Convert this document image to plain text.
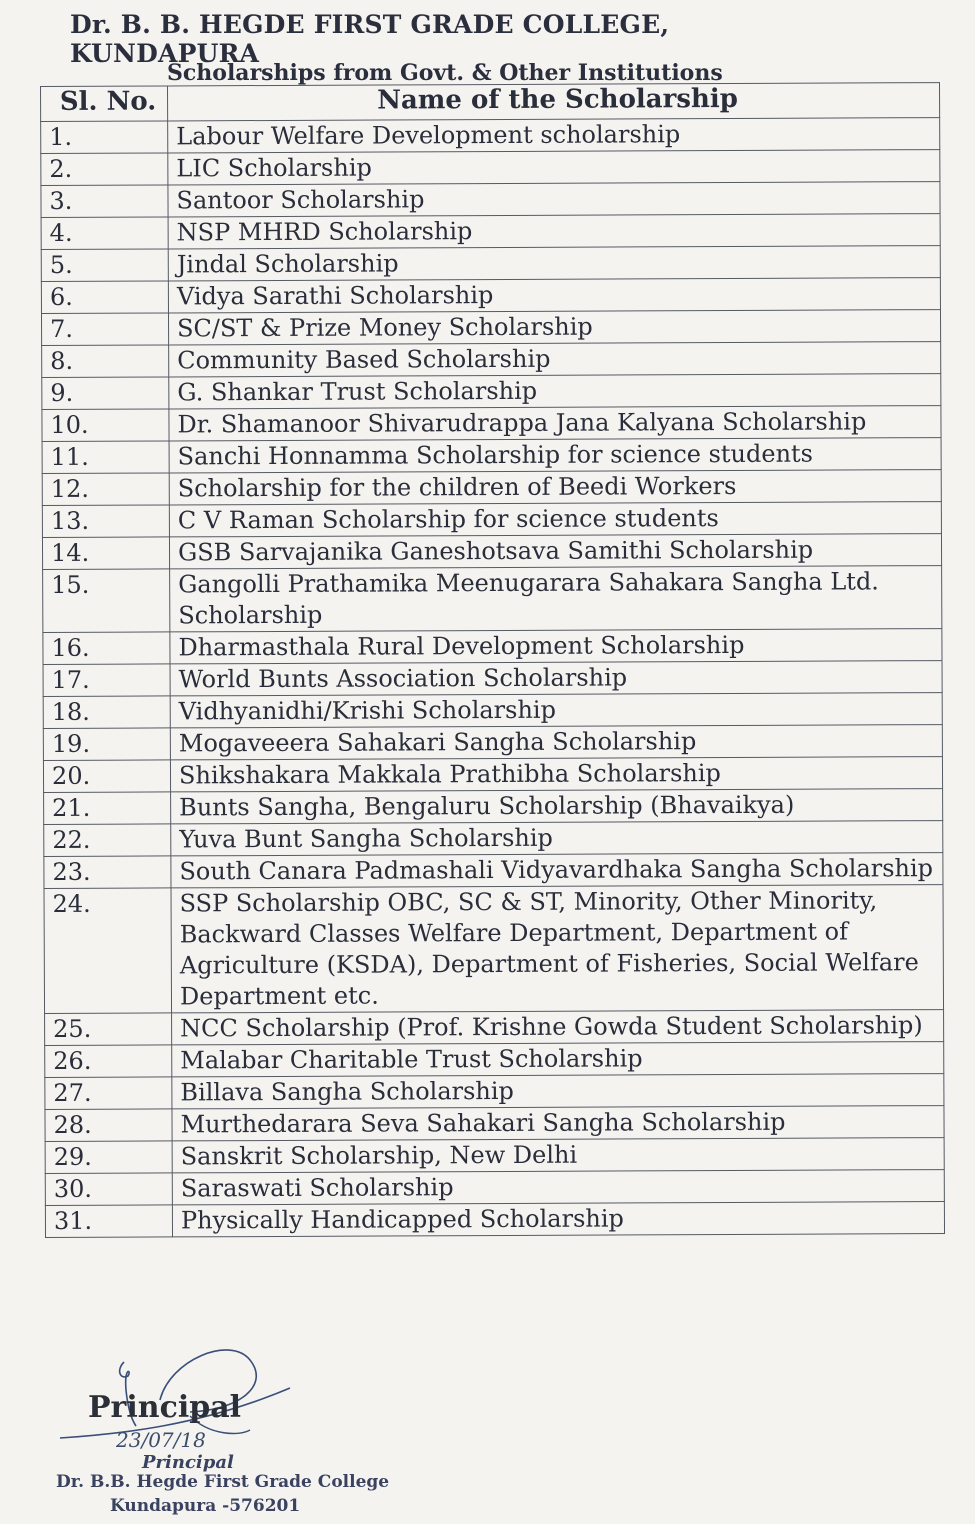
Dr. B. B. HEGDE FIRST GRADE COLLEGE, KUNDAPURA
Scholarships from Govt. & Other Institutions
Sl. No.	Name of the Scholarship
1.	Labour Welfare Development scholarship
2.	LIC Scholarship
3.	Santoor Scholarship
4.	NSP MHRD Scholarship
5.	Jindal Scholarship
6.	Vidya Sarathi Scholarship
7.	SC/ST & Prize Money Scholarship
8.	Community Based Scholarship
9.	G. Shankar Trust Scholarship
10.	Dr. Shamanoor Shivarudrappa Jana Kalyana Scholarship
11.	Sanchi Honnamma Scholarship for science students
12.	Scholarship for the children of Beedi Workers
13.	C V Raman Scholarship for science students
14.	GSB Sarvajanika Ganeshotsava Samithi Scholarship
15.	Gangolli Prathamika Meenugarara Sahakara Sangha Ltd. Scholarship
16.	Dharmasthala Rural Development Scholarship
17.	World Bunts Association Scholarship
18.	Vidhyanidhi/Krishi Scholarship
19.	Mogaveeera Sahakari Sangha Scholarship
20.	Shikshakara Makkala Prathibha Scholarship
21.	Bunts Sangha, Bengaluru Scholarship (Bhavaikya)
22.	Yuva Bunt Sangha Scholarship
23.	South Canara Padmashali Vidyavardhaka Sangha Scholarship
24.	SSP Scholarship OBC, SC & ST, Minority, Other Minority, Backward Classes Welfare Department, Department of Agriculture (KSDA), Department of Fisheries, Social Welfare Department etc.
25.	NCC Scholarship (Prof. Krishne Gowda Student Scholarship)
26.	Malabar Charitable Trust Scholarship
27.	Billava Sangha Scholarship
28.	Murthedarara Seva Sahakari Sangha Scholarship
29.	Sanskrit Scholarship, New Delhi
30.	Saraswati Scholarship
31.	Physically Handicapped Scholarship
Principal
23/07/18
Principal
Dr. B.B. Hegde First Grade College
Kundapura -576201
